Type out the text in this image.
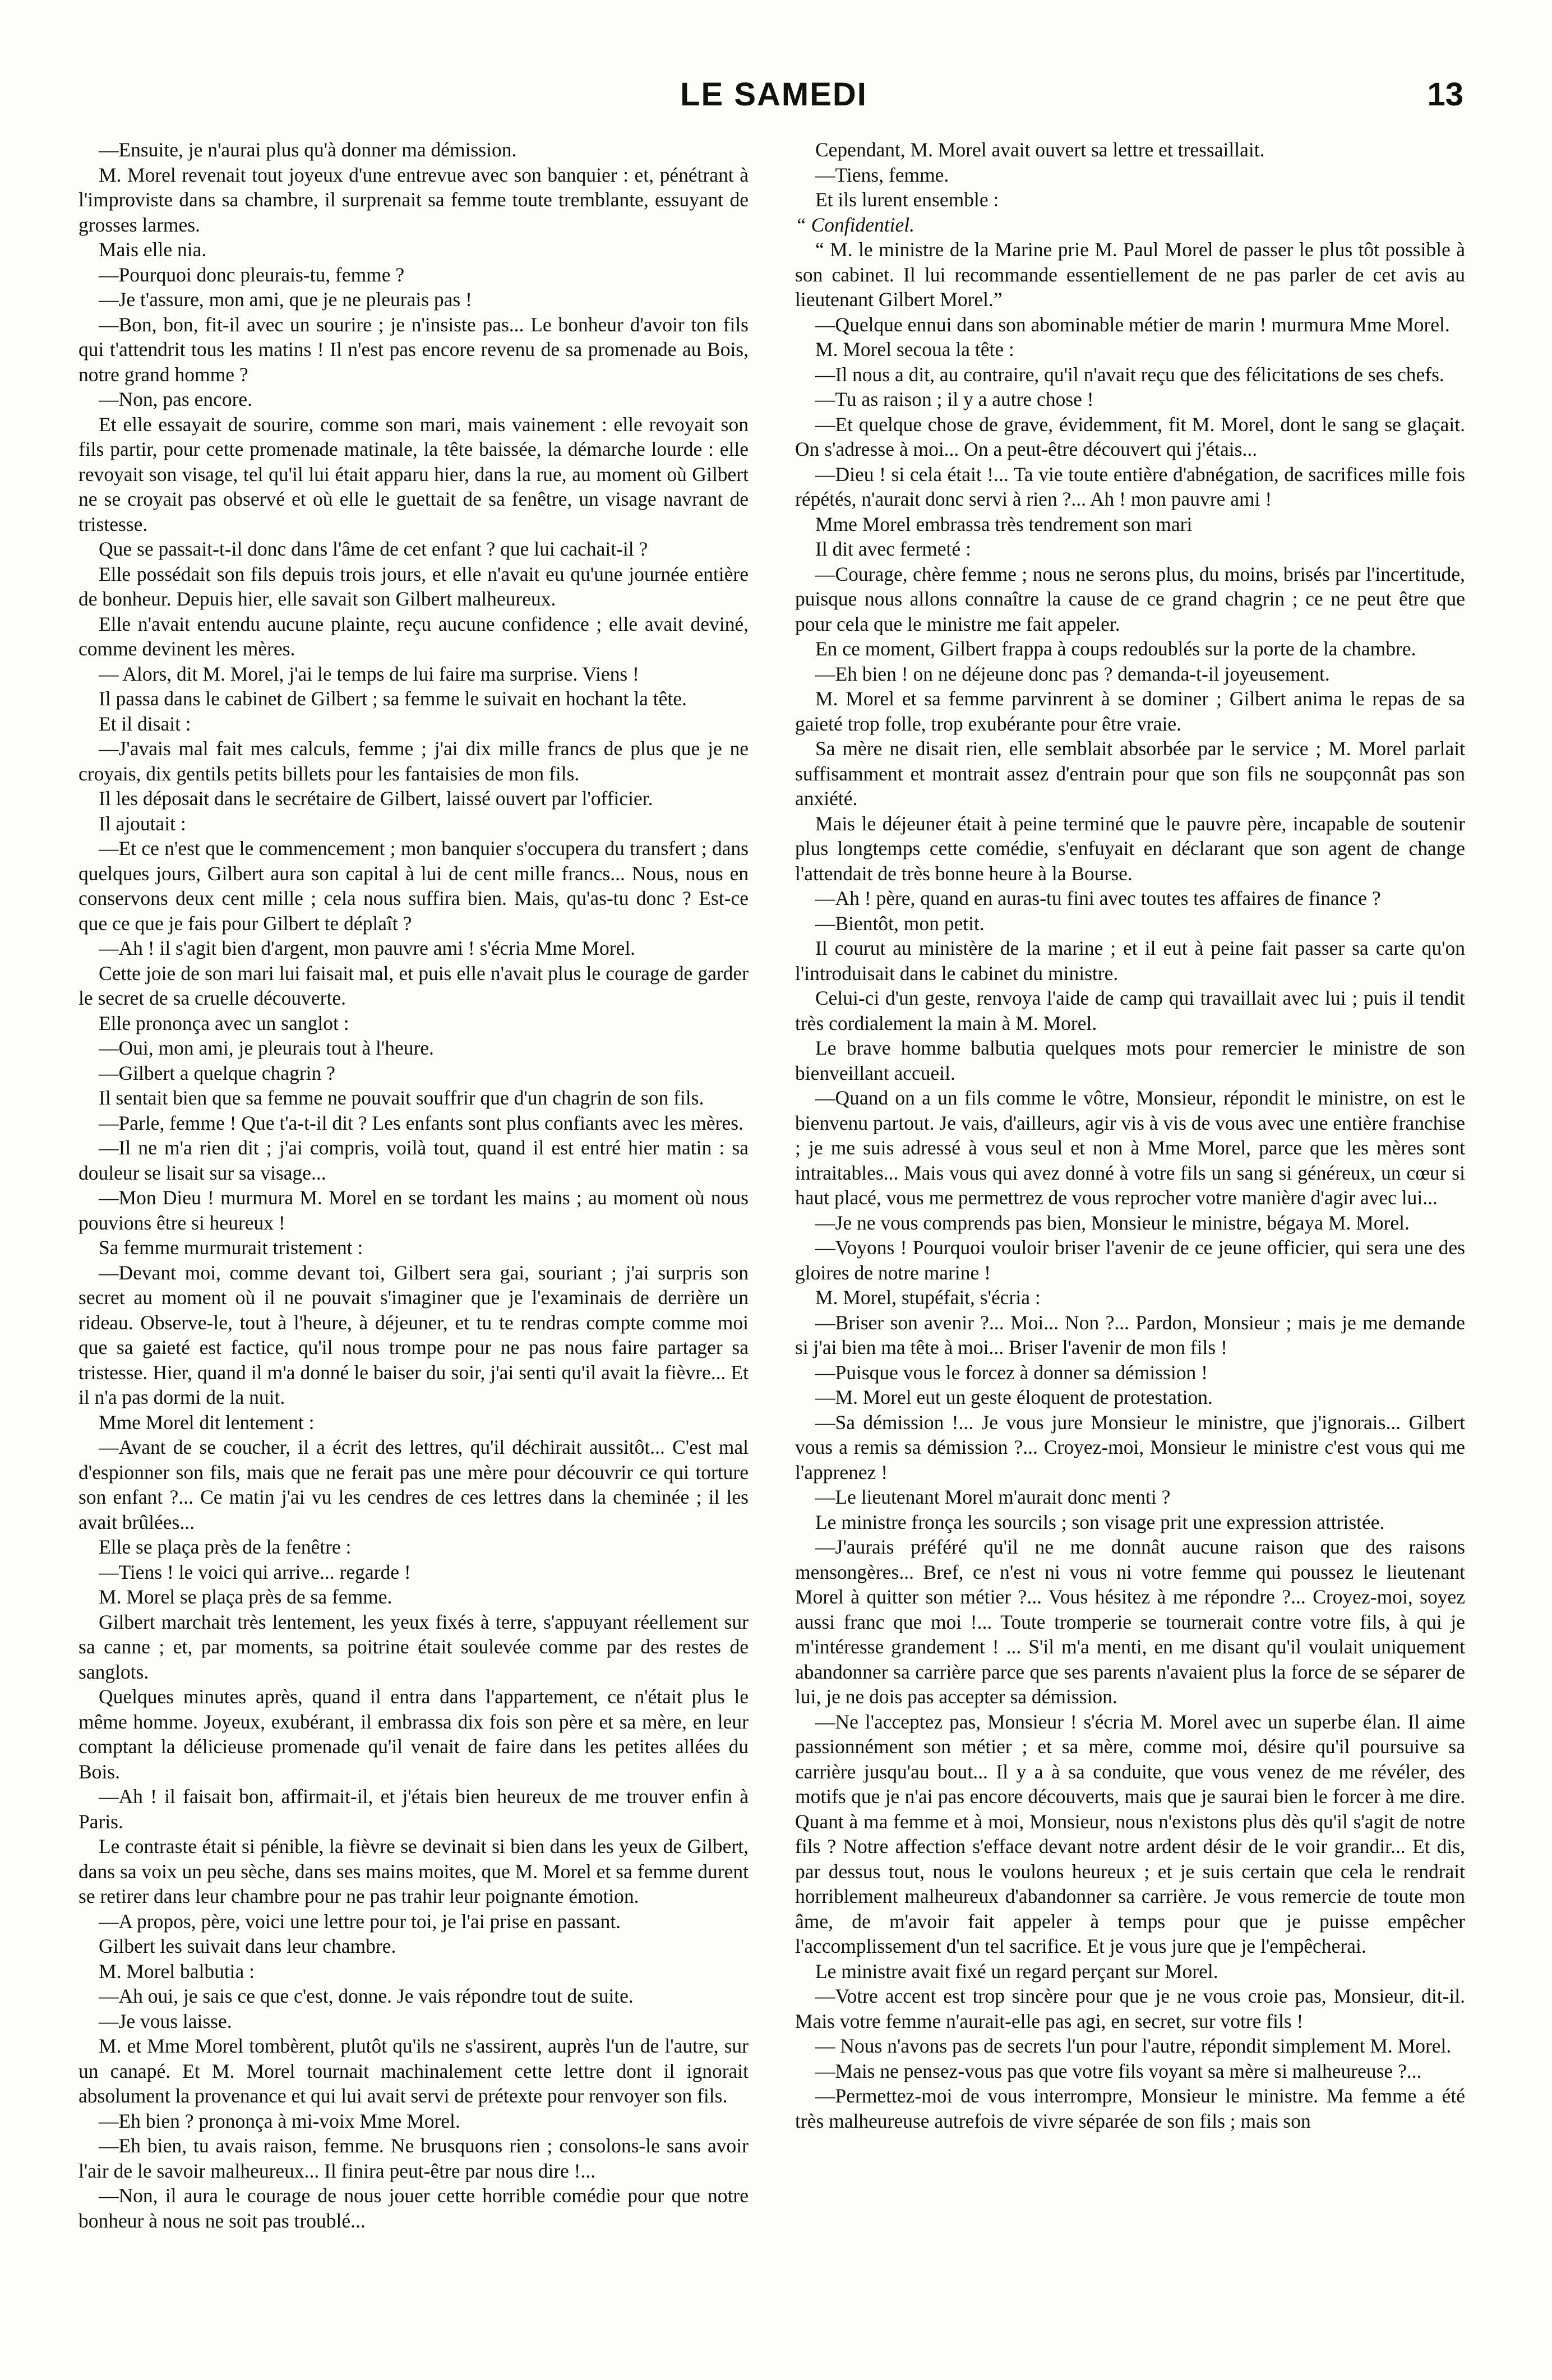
LE SAMEDI	13

—Ensuite, je n'aurai plus qu'à donner ma démission.

M. Morel revenait tout joyeux d'une entrevue avec son banquier : et, pénétrant à l'improviste dans sa chambre, il surprenait sa femme toute tremblante, essuyant de grosses larmes.

Mais elle nia.

—Pourquoi donc pleurais-tu, femme ?

—Je t'assure, mon ami, que je ne pleurais pas !

—Bon, bon, fit-il avec un sourire ; je n'insiste pas... Le bonheur d'avoir ton fils qui t'attendrit tous les matins ! Il n'est pas encore revenu de sa promenade au Bois, notre grand homme ?

—Non, pas encore.

Et elle essayait de sourire, comme son mari, mais vainement : elle revoyait son fils partir, pour cette promenade matinale, la tête baissée, la démarche lourde : elle revoyait son visage, tel qu'il lui était apparu hier, dans la rue, au moment où Gilbert ne se croyait pas observé et où elle le guettait de sa fenêtre, un visage navrant de tristesse.

Que se passait-t-il donc dans l'âme de cet enfant ? que lui cachait-il ?

Elle possédait son fils depuis trois jours, et elle n'avait eu qu'une journée entière de bonheur. Depuis hier, elle savait son Gilbert malheureux.

Elle n'avait entendu aucune plainte, reçu aucune confidence ; elle avait deviné, comme devinent les mères.

— Alors, dit M. Morel, j'ai le temps de lui faire ma surprise. Viens !

Il passa dans le cabinet de Gilbert ; sa femme le suivait en hochant la tête.

Et il disait :

—J'avais mal fait mes calculs, femme ; j'ai dix mille francs de plus que je ne croyais, dix gentils petits billets pour les fantaisies de mon fils.

Il les déposait dans le secrétaire de Gilbert, laissé ouvert par l'officier.

Il ajoutait :

—Et ce n'est que le commencement ; mon banquier s'occupera du transfert ; dans quelques jours, Gilbert aura son capital à lui de cent mille francs... Nous, nous en conservons deux cent mille ; cela nous suffira bien. Mais, qu'as-tu donc ? Est-ce que ce que je fais pour Gilbert te déplaît ?

—Ah ! il s'agit bien d'argent, mon pauvre ami ! s'écria Mme Morel.

Cette joie de son mari lui faisait mal, et puis elle n'avait plus le courage de garder le secret de sa cruelle découverte.

Elle prononça avec un sanglot :

—Oui, mon ami, je pleurais tout à l'heure.

—Gilbert a quelque chagrin ?

Il sentait bien que sa femme ne pouvait souffrir que d'un chagrin de son fils.

—Parle, femme ! Que t'a-t-il dit ? Les enfants sont plus confiants avec les mères.

—Il ne m'a rien dit ; j'ai compris, voilà tout, quand il est entré hier matin : sa douleur se lisait sur sa visage...

—Mon Dieu ! murmura M. Morel en se tordant les mains ; au moment où nous pouvions être si heureux !

Sa femme murmurait tristement :

—Devant moi, comme devant toi, Gilbert sera gai, souriant ; j'ai surpris son secret au moment où il ne pouvait s'imaginer que je l'examinais de derrière un rideau. Observe-le, tout à l'heure, à déjeuner, et tu te rendras compte comme moi que sa gaieté est factice, qu'il nous trompe pour ne pas nous faire partager sa tristesse. Hier, quand il m'a donné le baiser du soir, j'ai senti qu'il avait la fièvre... Et il n'a pas dormi de la nuit.

Mme Morel dit lentement :

—Avant de se coucher, il a écrit des lettres, qu'il déchirait aussitôt... C'est mal d'espionner son fils, mais que ne ferait pas une mère pour découvrir ce qui torture son enfant ?... Ce matin j'ai vu les cendres de ces lettres dans la cheminée ; il les avait brûlées...

Elle se plaça près de la fenêtre :

—Tiens ! le voici qui arrive... regarde !

M. Morel se plaça près de sa femme.

Gilbert marchait très lentement, les yeux fixés à terre, s'appuyant réellement sur sa canne ; et, par moments, sa poitrine était soulevée comme par des restes de sanglots.

Quelques minutes après, quand il entra dans l'appartement, ce n'était plus le même homme. Joyeux, exubérant, il embrassa dix fois son père et sa mère, en leur comptant la délicieuse promenade qu'il venait de faire dans les petites allées du Bois.

—Ah ! il faisait bon, affirmait-il, et j'étais bien heureux de me trouver enfin à Paris.

Le contraste était si pénible, la fièvre se devinait si bien dans les yeux de Gilbert, dans sa voix un peu sèche, dans ses mains moites, que M. Morel et sa femme durent se retirer dans leur chambre pour ne pas trahir leur poignante émotion.

—A propos, père, voici une lettre pour toi, je l'ai prise en passant.

Gilbert les suivait dans leur chambre.

M. Morel balbutia :

—Ah oui, je sais ce que c'est, donne. Je vais répondre tout de suite.

—Je vous laisse.

M. et Mme Morel tombèrent, plutôt qu'ils ne s'assirent, auprès l'un de l'autre, sur un canapé. Et M. Morel tournait machinalement cette lettre dont il ignorait absolument la provenance et qui lui avait servi de prétexte pour renvoyer son fils.

—Eh bien ? prononça à mi-voix Mme Morel.

—Eh bien, tu avais raison, femme. Ne brusquons rien ; consolons-le sans avoir l'air de le savoir malheureux... Il finira peut-être par nous dire !...

—Non, il aura le courage de nous jouer cette horrible comédie pour que notre bonheur à nous ne soit pas troublé...

Cependant, M. Morel avait ouvert sa lettre et tressaillait.

—Tiens, femme.

Et ils lurent ensemble :

“ Confidentiel.

“ M. le ministre de la Marine prie M. Paul Morel de passer le plus tôt possible à son cabinet. Il lui recommande essentiellement de ne pas parler de cet avis au lieutenant Gilbert Morel.”

—Quelque ennui dans son abominable métier de marin ! murmura Mme Morel.

M. Morel secoua la tête :

—Il nous a dit, au contraire, qu'il n'avait reçu que des félicitations de ses chefs.

—Tu as raison ; il y a autre chose !

—Et quelque chose de grave, évidemment, fit M. Morel, dont le sang se glaçait. On s'adresse à moi... On a peut-être découvert qui j'étais...

—Dieu ! si cela était !... Ta vie toute entière d'abnégation, de sacrifices mille fois répétés, n'aurait donc servi à rien ?... Ah ! mon pauvre ami !

Mme Morel embrassa très tendrement son mari

Il dit avec fermeté :

—Courage, chère femme ; nous ne serons plus, du moins, brisés par l'incertitude, puisque nous allons connaître la cause de ce grand chagrin ; ce ne peut être que pour cela que le ministre me fait appeler.

En ce moment, Gilbert frappa à coups redoublés sur la porte de la chambre.

—Eh bien ! on ne déjeune donc pas ? demanda-t-il joyeusement.

M. Morel et sa femme parvinrent à se dominer ; Gilbert anima le repas de sa gaieté trop folle, trop exubérante pour être vraie.

Sa mère ne disait rien, elle semblait absorbée par le service ; M. Morel parlait suffisamment et montrait assez d'entrain pour que son fils ne soupçonnât pas son anxiété.

Mais le déjeuner était à peine terminé que le pauvre père, incapable de soutenir plus longtemps cette comédie, s'enfuyait en déclarant que son agent de change l'attendait de très bonne heure à la Bourse.

—Ah ! père, quand en auras-tu fini avec toutes tes affaires de finance ?

—Bientôt, mon petit.

Il courut au ministère de la marine ; et il eut à peine fait passer sa carte qu'on l'introduisait dans le cabinet du ministre.

Celui-ci d'un geste, renvoya l'aide de camp qui travaillait avec lui ; puis il tendit très cordialement la main à M. Morel.

Le brave homme balbutia quelques mots pour remercier le ministre de son bienveillant accueil.

—Quand on a un fils comme le vôtre, Monsieur, répondit le ministre, on est le bienvenu partout. Je vais, d'ailleurs, agir vis à vis de vous avec une entière franchise ; je me suis adressé à vous seul et non à Mme Morel, parce que les mères sont intraitables... Mais vous qui avez donné à votre fils un sang si généreux, un cœur si haut placé, vous me permettrez de vous reprocher votre manière d'agir avec lui...

—Je ne vous comprends pas bien, Monsieur le ministre, bégaya M. Morel.

—Voyons ! Pourquoi vouloir briser l'avenir de ce jeune officier, qui sera une des gloires de notre marine !

M. Morel, stupéfait, s'écria :

—Briser son avenir ?... Moi... Non ?... Pardon, Monsieur ; mais je me demande si j'ai bien ma tête à moi... Briser l'avenir de mon fils !

—Puisque vous le forcez à donner sa démission !

—M. Morel eut un geste éloquent de protestation.

—Sa démission !... Je vous jure Monsieur le ministre, que j'ignorais... Gilbert vous a remis sa démission ?... Croyez-moi, Monsieur le ministre c'est vous qui me l'apprenez !

—Le lieutenant Morel m'aurait donc menti ?

Le ministre fronça les sourcils ; son visage prit une expression attristée.

—J'aurais préféré qu'il ne me donnât aucune raison que des raisons mensongères... Bref, ce n'est ni vous ni votre femme qui poussez le lieutenant Morel à quitter son métier ?... Vous hésitez à me répondre ?... Croyez-moi, soyez aussi franc que moi !... Toute tromperie se tournerait contre votre fils, à qui je m'intéresse grandement ! ... S'il m'a menti, en me disant qu'il voulait uniquement abandonner sa carrière parce que ses parents n'avaient plus la force de se séparer de lui, je ne dois pas accepter sa démission.

—Ne l'acceptez pas, Monsieur ! s'écria M. Morel avec un superbe élan. Il aime passionnément son métier ; et sa mère, comme moi, désire qu'il poursuive sa carrière jusqu'au bout... Il y a à sa conduite, que vous venez de me révéler, des motifs que je n'ai pas encore découverts, mais que je saurai bien le forcer à me dire. Quant à ma femme et à moi, Monsieur, nous n'existons plus dès qu'il s'agit de notre fils ? Notre affection s'efface devant notre ardent désir de le voir grandir... Et dis, par dessus tout, nous le voulons heureux ; et je suis certain que cela le rendrait horriblement malheureux d'abandonner sa carrière. Je vous remercie de toute mon âme, de m'avoir fait appeler à temps pour que je puisse empêcher l'accomplissement d'un tel sacrifice. Et je vous jure que je l'empêcherai.

Le ministre avait fixé un regard perçant sur Morel.

—Votre accent est trop sincère pour que je ne vous croie pas, Monsieur, dit-il. Mais votre femme n'aurait-elle pas agi, en secret, sur votre fils !

— Nous n'avons pas de secrets l'un pour l'autre, répondit simplement M. Morel.

—Mais ne pensez-vous pas que votre fils voyant sa mère si malheureuse ?...

—Permettez-moi de vous interrompre, Monsieur le ministre. Ma femme a été très malheureuse autrefois de vivre séparée de son fils ; mais son
